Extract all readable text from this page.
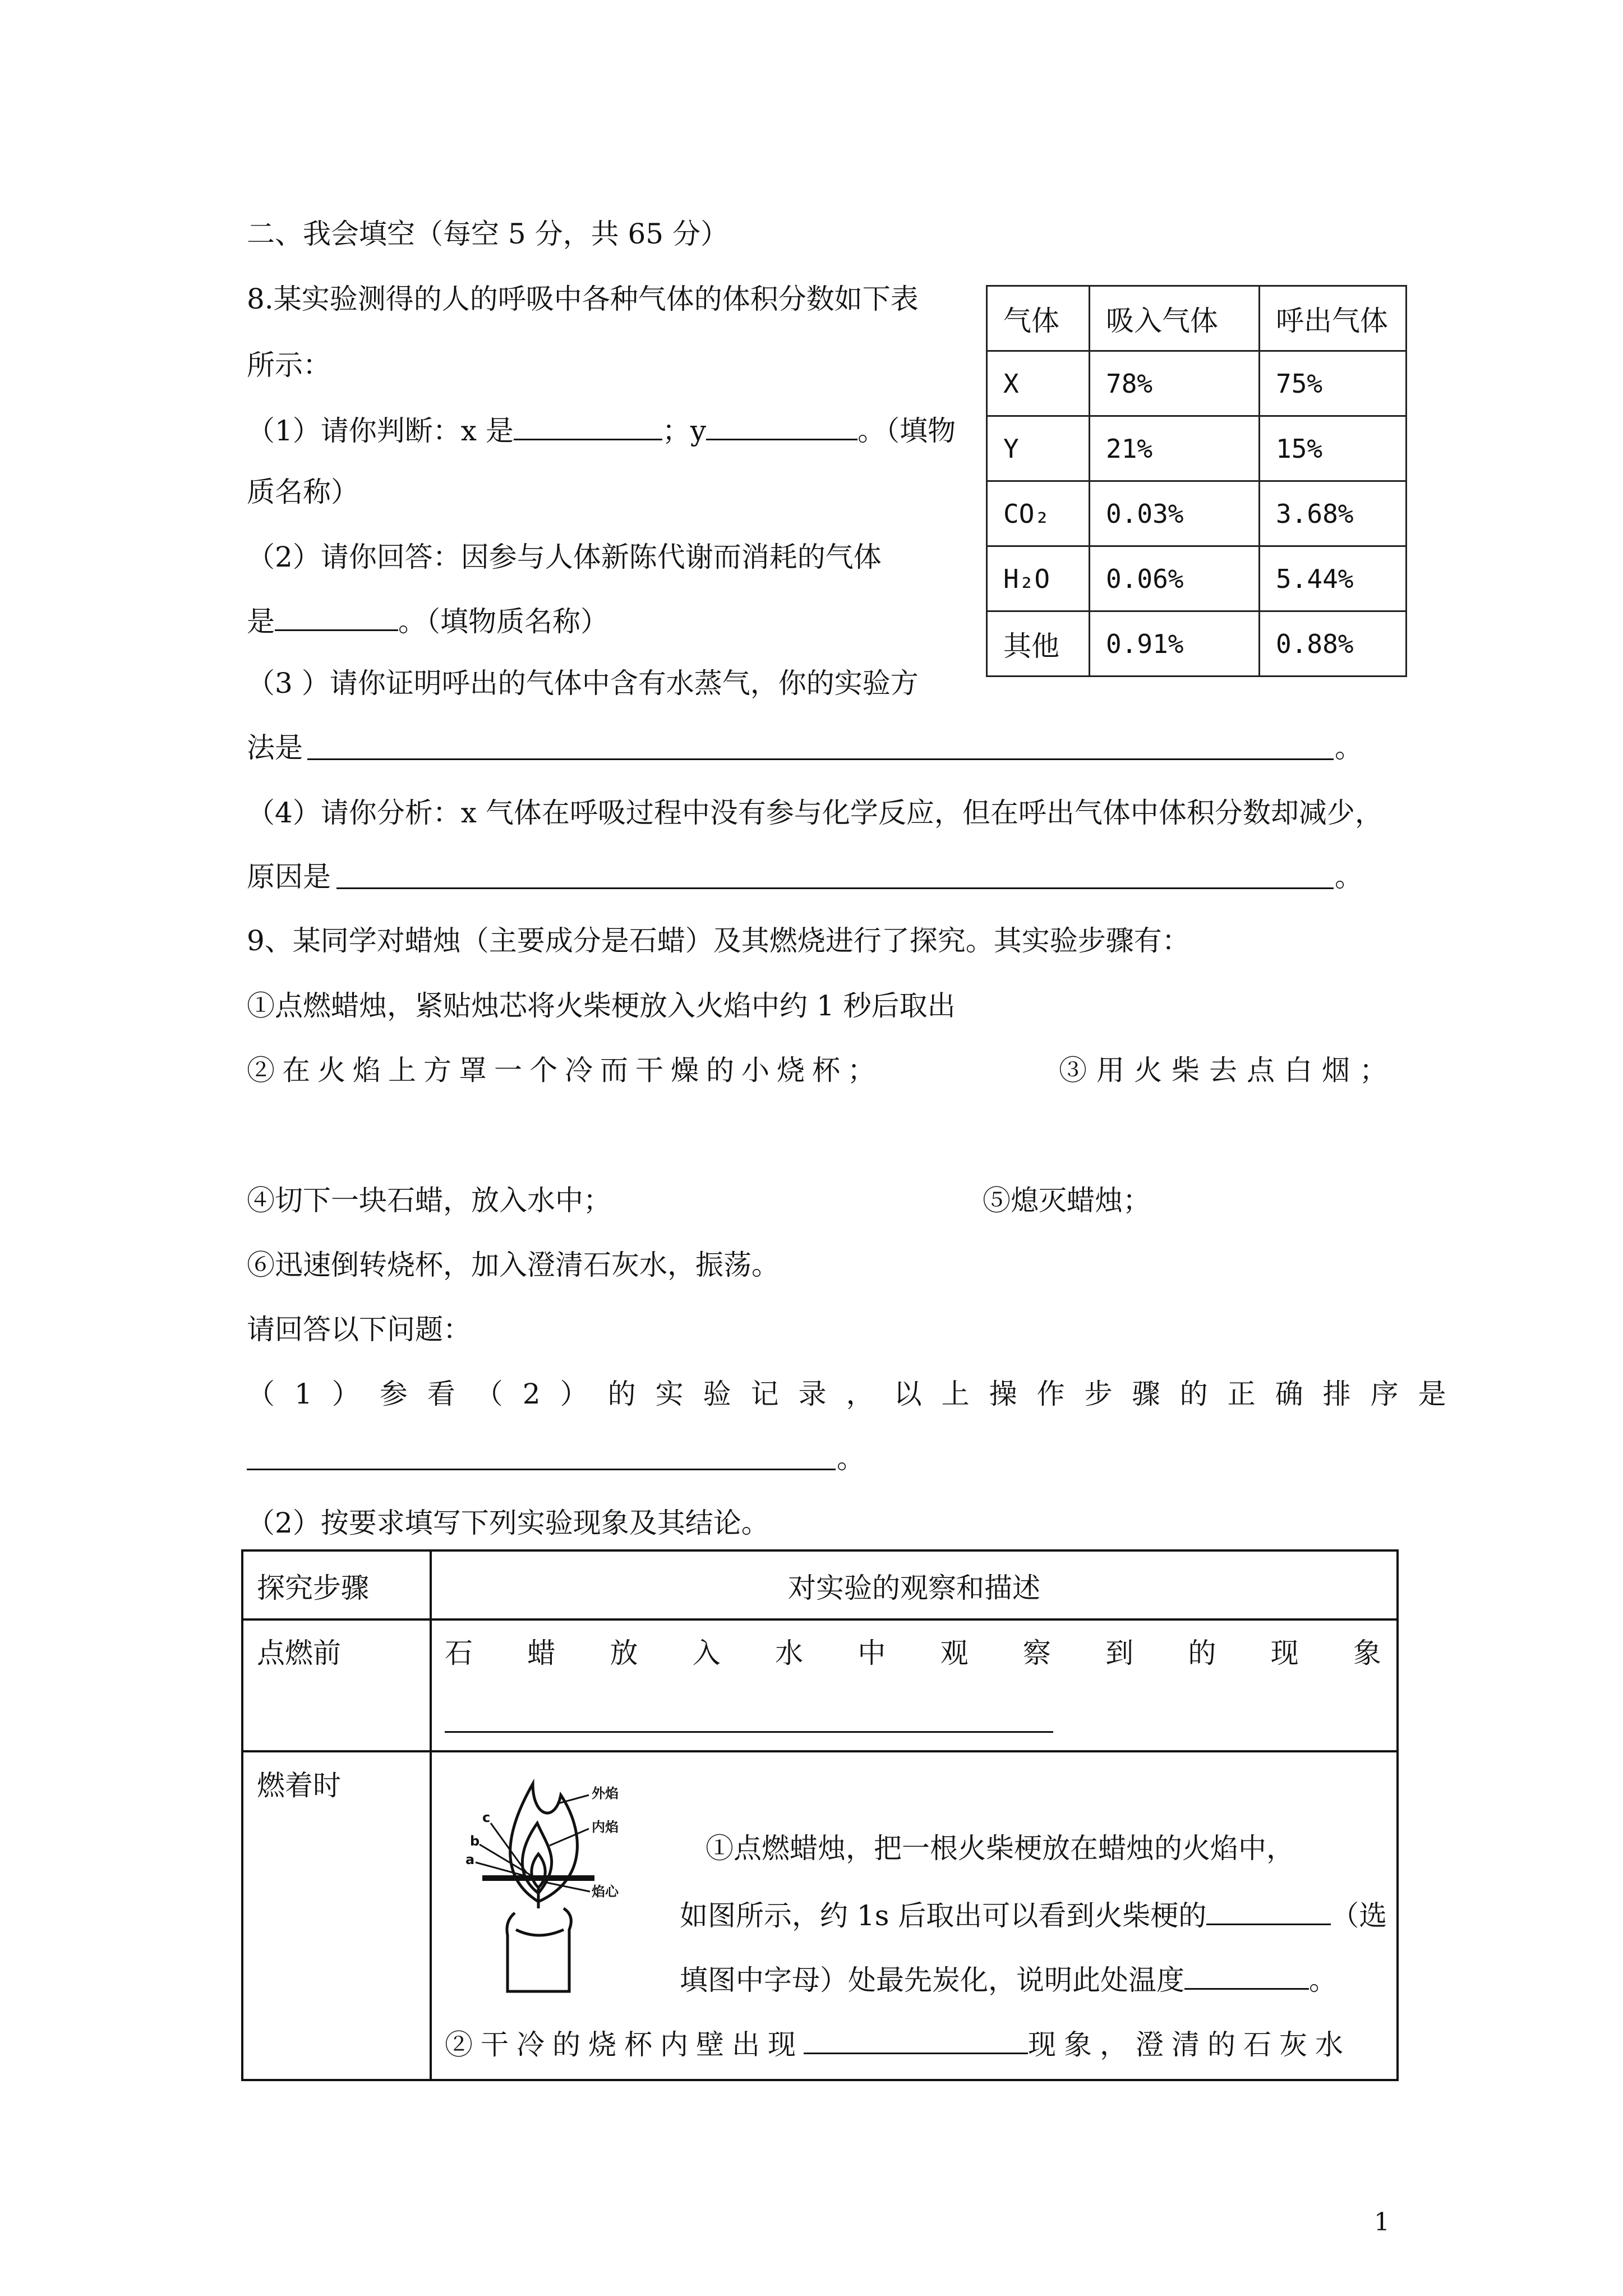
二、我会填空（每空 5 分，共 65 分）
8.某实验测得的人的呼吸中各种气体的体积分数如下表
所示：
（1）请你判断：x 是	；y	。（填物
质名称）
（2）请你回答：因参与人体新陈代谢而消耗的气体
是	。（填物质名称）
（3 ）请你证明呼出的气体中含有水蒸气，你的实验方
法是	。
（4）请你分析：x 气体在呼吸过程中没有参与化学反应，但在呼出气体中体积分数却减少，
原因是	。
气体	吸入气体	呼出气体
X	78%	75%
Y	21%	15%
CO₂	0.03%	3.68%
H₂O	0.06%	5.44%
其他	0.91%	0.88%
9、某同学对蜡烛（主要成分是石蜡）及其燃烧进行了探究。其实验步骤有：
①点燃蜡烛，紧贴烛芯将火柴梗放入火焰中约 1 秒后取出
②在火焰上方罩一个冷而干燥的小烧杯；	③用火柴去点白烟；
④切下一块石蜡，放入水中；	⑤熄灭蜡烛；
⑥迅速倒转烧杯，加入澄清石灰水，振荡。
请回答以下问题：
（1）参看（2）的实验记录，以上操作步骤的正确排序是
。
（2）按要求填写下列实验现象及其结论。
探究步骤	对实验的观察和描述
点燃前	石 蜡 放 入 水 中 观 察 到 的 现 象
燃着时
c
b
a
外焰
内焰
焰心
①点燃蜡烛，把一根火柴梗放在蜡烛的火焰中，
如图所示，约 1s 后取出可以看到火柴梗的	（选
填图中字母）处最先炭化，说明此处温度	。
②干冷的烧杯内壁出现	现象，澄清的石灰水
1
